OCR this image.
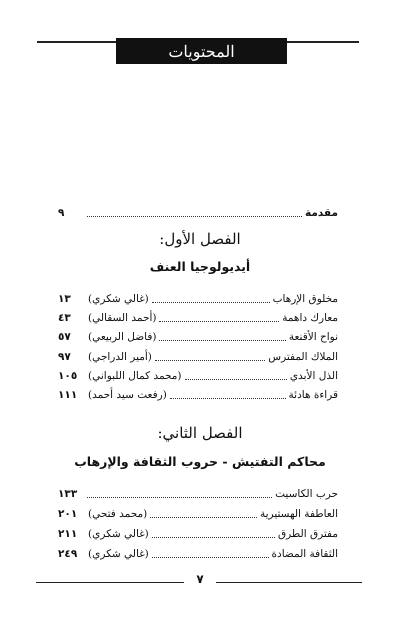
المحتويات
مقدمة
٩
الفصل الأول:
أيديولوجيا العنف
مخلوق الإرهاب
(غالي شكري)
١٣
معارك داهمة
(أحمد السقالي)
٤٣
نواح الأقنعة
(فاضل الربيعي)
٥٧
الملاك المفترس
(أمير الدراجي)
٩٧
الذل الأبدي
(محمد كمال اللبواني)
١٠٥
قراءة هادئة
(رفعت سيد أحمد)
١١١
الفصل الثاني:
محاكم التفتيش - حروب الثقافة والإرهاب
حرب الكاسيت
١٣٣
العاطفة الهستيرية
(محمد فتحي)
٢٠١
مفترق الطرق
(غالي شكري)
٢١١
الثقافة المضادة
(غالي شكري)
٢٤٩
٧
